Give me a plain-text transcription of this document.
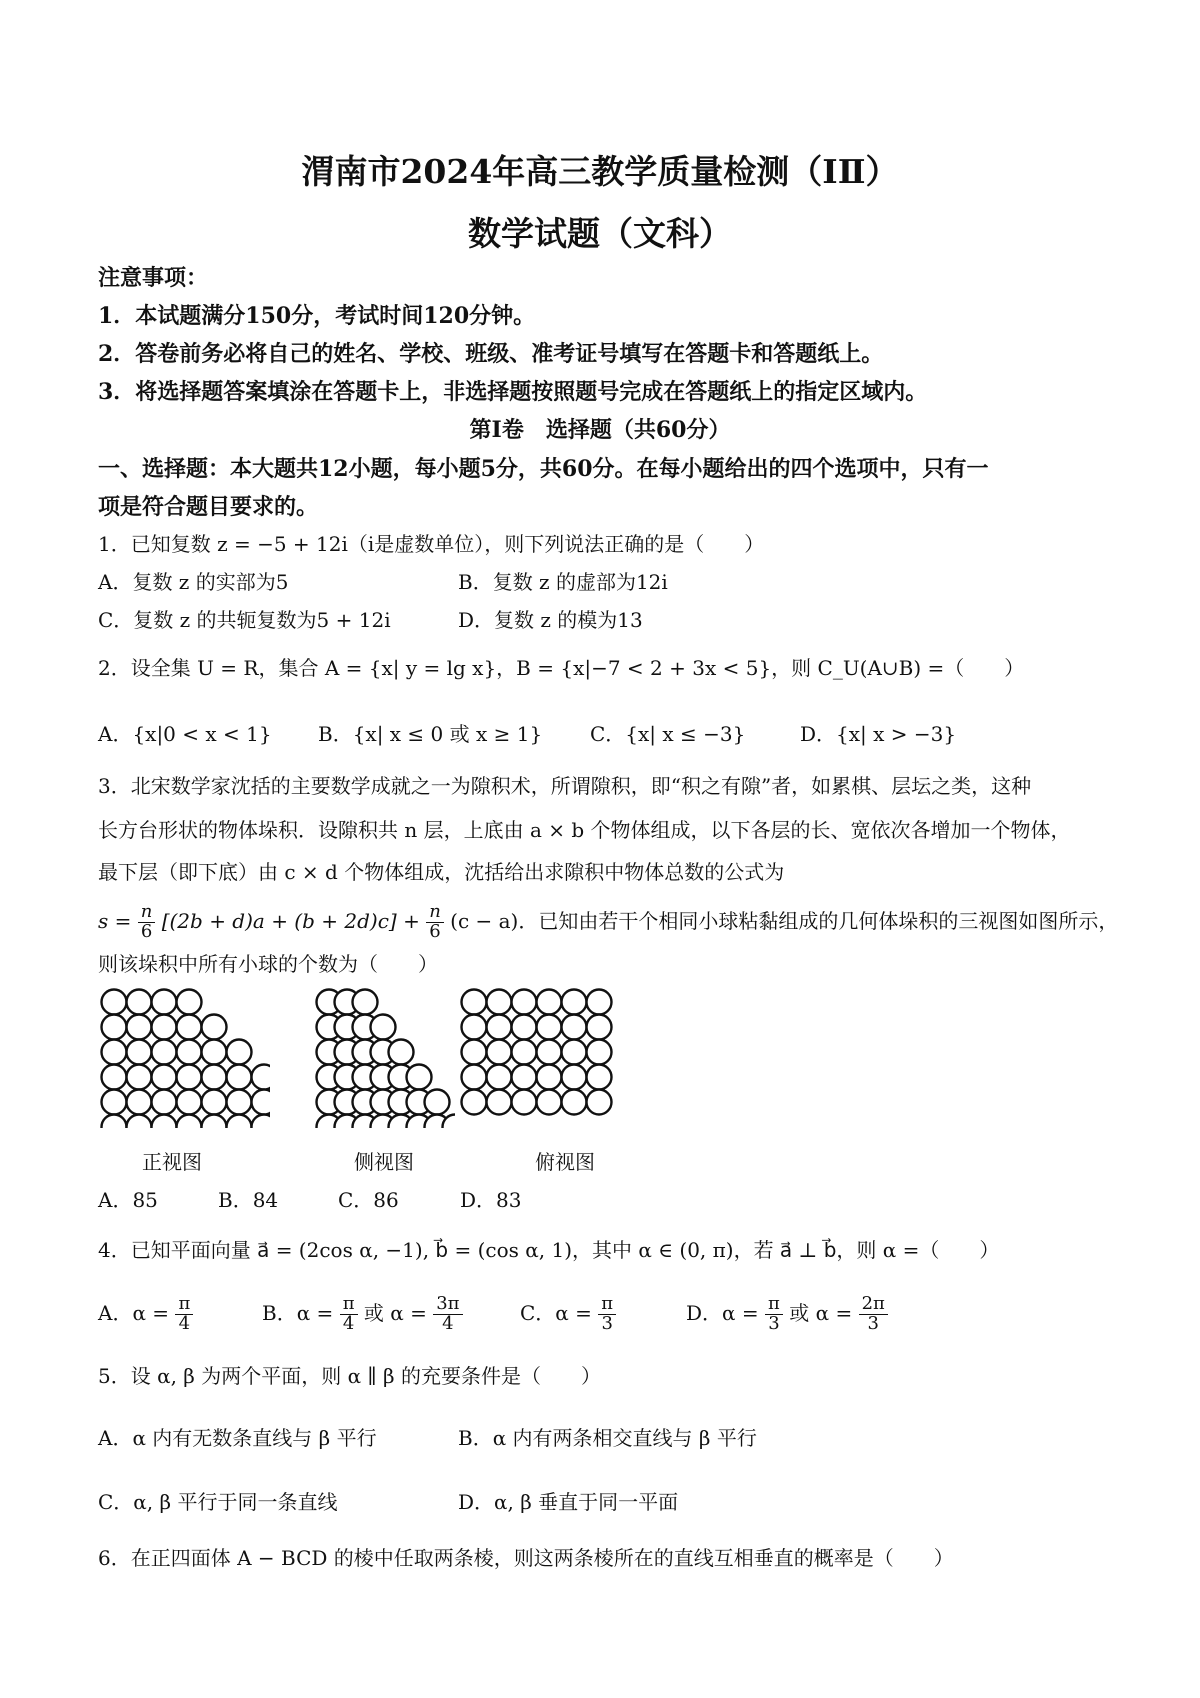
渭南市2024年高三教学质量检测（IⅡ）
数学试题（文科）
注意事项：
1．本试题满分150分，考试时间120分钟。
2．答卷前务必将自己的姓名、学校、班级、准考证号填写在答题卡和答题纸上。
3．将选择题答案填涂在答题卡上，非选择题按照题号完成在答题纸上的指定区域内。
第I卷　选择题（共60分）
一、选择题：本大题共12小题，每小题5分，共60分。在每小题给出的四个选项中，只有一
项是符合题目要求的。
1．已知复数 z = −5 + 12i（i是虚数单位），则下列说法正确的是（　　）
A．复数 z 的实部为5	B．复数 z 的虚部为12i
C．复数 z 的共轭复数为5 + 12i	D．复数 z 的模为13
2．设全集 U = R，集合 A = {x| y = lg x}，B = {x|−7 < 2 + 3x < 5}，则 C_U(A∪B) =（　　）
A．{x|0 < x < 1} B．{x| x ≤ 0 或 x ≥ 1} C．{x| x ≤ −3}	D．{x| x > −3}
3．北宋数学家沈括的主要数学成就之一为隙积术，所谓隙积，即“积之有隙”者，如累棋、层坛之类，这种
长方台形状的物体垛积．设隙积共 n 层，上底由 a × b 个物体组成，以下各层的长、宽依次各增加一个物体，
最下层（即下底）由 c × d 个物体组成，沈括给出求隙积中物体总数的公式为
$s = \frac{n}{6} [(2b + d)a + (b + 2d)c] + \frac{n}{6} (c - a)$．已知由若干个相同小球粘黏组成的几何体垛积的三视图如图所示，
则该垛积中所有小球的个数为（　　）
正视图	侧视图	俯视图
A．85	B．84	C．86	D．83
4．已知平面向量 a⃗ = (2cos α, −1), b⃗ = (cos α, 1)，其中 α ∈ (0, π)，若 a⃗ ⊥ b⃗，则 α =（　　）
A．$\alpha = \frac{\pi}{4}$	B．$\alpha = \frac{\pi}{4}$ 或 $\alpha = \frac{3\pi}{4}$	C．$\alpha = \frac{\pi}{3}$	D．$\alpha = \frac{\pi}{3}$ 或 $\alpha = \frac{2\pi}{3}$
5．设 α, β 为两个平面，则 α ∥ β 的充要条件是（　　）
A．α 内有无数条直线与 β 平行	B．α 内有两条相交直线与 β 平行
C．α, β 平行于同一条直线	D．α, β 垂直于同一平面
6．在正四面体 A − BCD 的棱中任取两条棱，则这两条棱所在的直线互相垂直的概率是（　　）
